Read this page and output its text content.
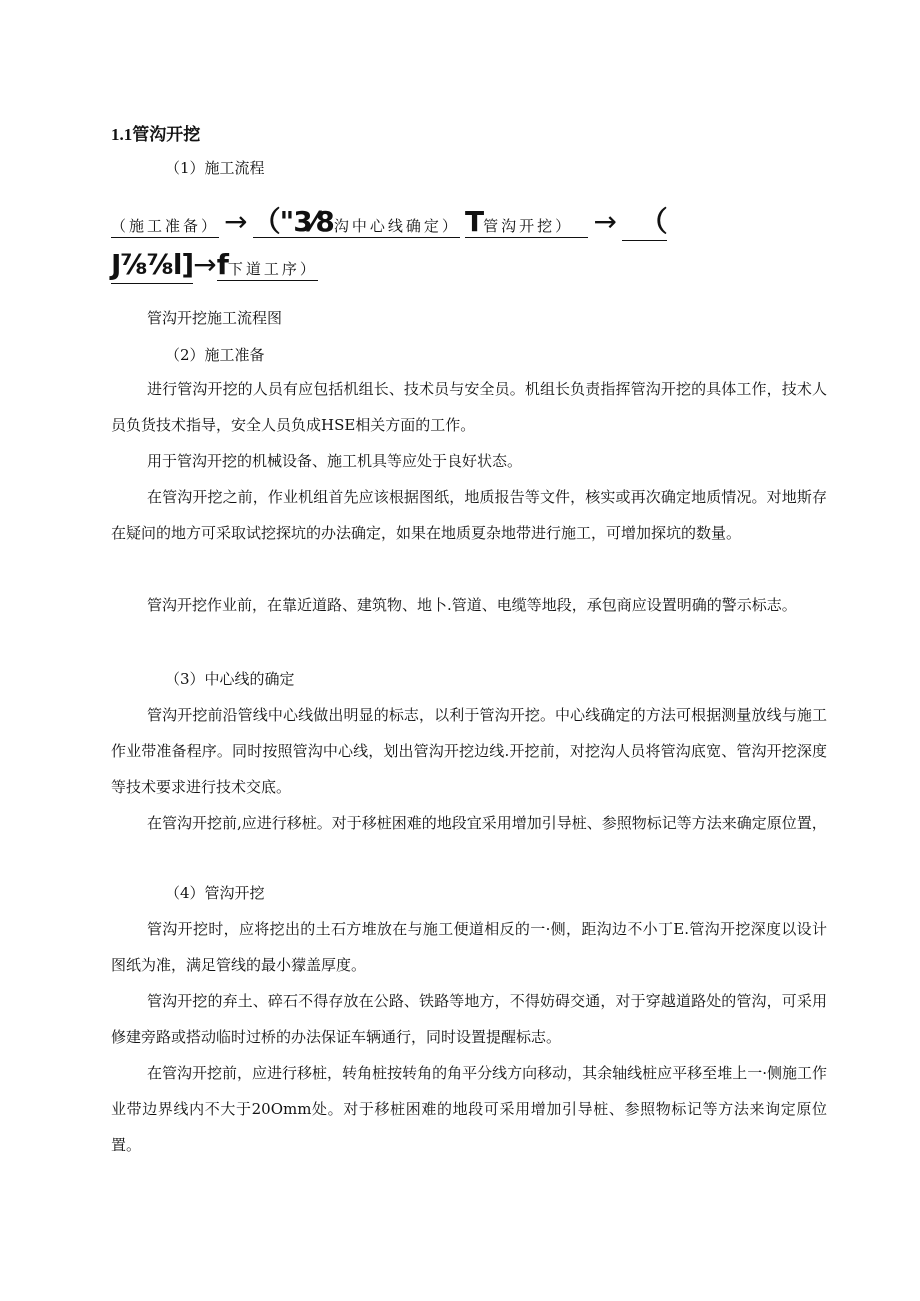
1.1管沟开挖
（1）施工流程
（施工准备） → （"3⁄8沟中心线确定） T管沟开挖） → （
J⁷⁄₈⁷⁄₈l]→f下道工序）
管沟开挖施工流程图
（2）施工准备
进行管沟开挖的人员有应包括机组长、技术员与安全员。机组长负责指挥管沟开挖的具体工作，技术人员负货技术指导，安全人员负成HSE相关方面的工作。
用于管沟开挖的机械设备、施工机具等应处于良好状态。
在管沟开挖之前，作业机组首先应该根据图纸，地质报告等文件，核实或再次确定地质情况。对地斯存在疑问的地方可采取试挖探坑的办法确定，如果在地质夏杂地带进行施工，可增加探坑的数量。
管沟开挖作业前，在靠近道路、建筑物、地卜.管道、电缆等地段，承包商应设置明确的警示标志。
（3）中心线的确定
管沟开挖前沿管线中心线做出明显的标志，以利于管沟开挖。中心线确定的方法可根据测量放线与施工作业带准备程序。同时按照管沟中心线，划出管沟开挖边线.开挖前，对挖沟人员将管沟底宽、管沟开挖深度等技术要求进行技术交底。
在管沟开挖前,应进行移桩。对于移桩困难的地段宜采用增加引导桩、参照物标记等方法来确定原位置，
（4）管沟开挖
管沟开挖时，应将挖出的土石方堆放在与施工便道相反的一·侧，距沟边不小丁E.管沟开挖深度以设计图纸为准，满足管线的最小獴盖厚度。
管沟开挖的弃土、碎石不得存放在公路、铁路等地方，不得妨碍交通，对于穿越道路处的管沟，可采用修建旁路或搭动临时过桥的办法保证车辆通行，同时设置提醒标志。
在管沟开挖前，应进行移桩，转角桩按转角的角平分线方向移动，其余轴线桩应平移至堆上一·侧施工作业带边界线内不大于20Omm处。对于移桩困难的地段可采用增加引导桩、参照物标记等方法来询定原位置。
